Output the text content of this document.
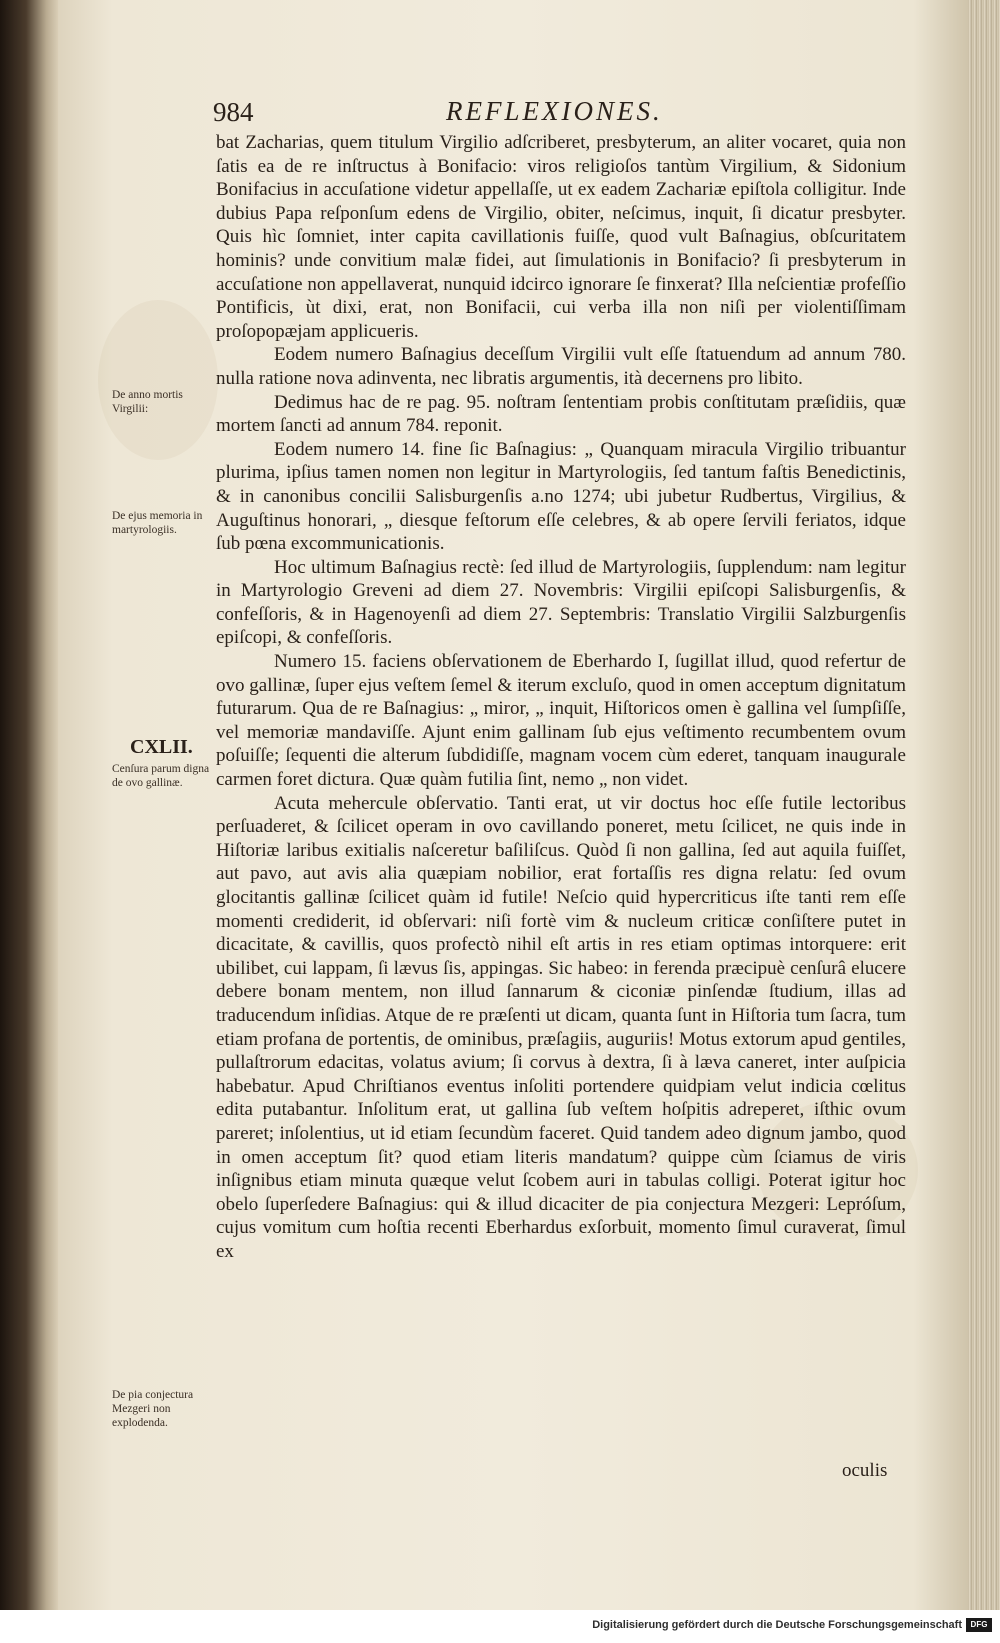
984	REFLEXIONES.

bat Zacharias, quem titulum Virgilio adſcriberet, presbyterum, an aliter vocaret, quia non ſatis ea de re inſtructus à Bonifacio: viros religioſos tantùm Virgilium, & Sidonium Bonifacius in accuſatione videtur appellaſſe, ut ex eadem Zachariæ epiſtola colligitur. Inde dubius Papa reſponſum edens de Virgilio, obiter, neſcimus, inquit, ſi dicatur presbyter. Quis hìc ſomniet, inter capita cavillationis fuiſſe, quod vult Baſnagius, obſcuritatem hominis? unde convitium malæ fidei, aut ſimulationis in Bonifacio? ſi presbyterum in accuſatione non appellaverat, nunquid idcirco ignorare ſe finxerat? Illa neſcientiæ profeſſio Pontificis, ùt dixi, erat, non Bonifacii, cui verba illa non niſi per violentiſſimam proſopopæjam applicueris.

Eodem numero Baſnagius deceſſum Virgilii vult eſſe ſtatuendum ad annum 780. nulla ratione nova adinventa, nec libratis argumentis, ità decernens pro libito.

Dedimus hac de re pag. 95. noſtram ſententiam probis conſtitutam præſidiis, quæ mortem ſancti ad annum 784. reponit.

Eodem numero 14. fine ſic Baſnagius: „ Quanquam miracula Virgilio tribuantur plurima, ipſius tamen nomen non legitur in Martyrologiis, ſed tantum faſtis Benedictinis, & in canonibus concilii Salisburgenſis a.no 1274; ubi jubetur Rudbertus, Virgilius, & Auguſtinus honorari, „ diesque feſtorum eſſe celebres, & ab opere ſervili feriatos, idque ſub pœna excommunicationis.

Hoc ultimum Baſnagius rectè: ſed illud de Martyrologiis, ſupplendum: nam legitur in Martyrologio Greveni ad diem 27. Novembris: Virgilii epiſcopi Salisburgenſis, & confeſſoris, & in Hagenoyenſi ad diem 27. Septembris: Translatio Virgilii Salzburgenſis epiſcopi, & confeſſoris.

Numero 15. faciens obſervationem de Eberhardo I, ſugillat illud, quod refertur de ovo gallinæ, ſuper ejus veſtem ſemel & iterum excluſo, quod in omen acceptum dignitatum futurarum. Qua de re Baſnagius: „ miror, „ inquit, Hiſtoricos omen è gallina vel ſumpſiſſe, vel memoriæ mandaviſſe. Ajunt enim gallinam ſub ejus veſtimento recumbentem ovum poſuiſſe; ſequenti die alterum ſubdidiſſe, magnam vocem cùm ederet, tanquam inaugurale carmen foret dictura. Quæ quàm futilia ſint, nemo „ non videt.

Acuta mehercule obſervatio. Tanti erat, ut vir doctus hoc eſſe futile lectoribus perſuaderet, & ſcilicet operam in ovo cavillando poneret, metu ſcilicet, ne quis inde in Hiſtoriæ laribus exitialis naſceretur baſiliſcus. Quòd ſi non gallina, ſed aut aquila fuiſſet, aut pavo, aut avis alia quæpiam nobilior, erat fortaſſis res digna relatu: ſed ovum glocitantis gallinæ ſcilicet quàm id futile! Neſcio quid hypercriticus iſte tanti rem eſſe momenti crediderit, id obſervari: niſi fortè vim & nucleum criticæ conſiſtere putet in dicacitate, & cavillis, quos profectò nihil eſt artis in res etiam optimas intorquere: erit ubilibet, cui lappam, ſi lævus ſis, appingas. Sic habeo: in ferenda præcipuè cenſurâ elucere debere bonam mentem, non illud ſannarum & ciconiæ pinſendæ ſtudium, illas ad traducendum inſidias. Atque de re præſenti ut dicam, quanta ſunt in Hiſtoria tum ſacra, tum etiam profana de portentis, de ominibus, præſagiis, auguriis! Motus extorum apud gentiles, pullaſtrorum edacitas, volatus avium; ſi corvus à dextra, ſi à læva caneret, inter auſpicia habebatur. Apud Chriſtianos eventus inſoliti portendere quidpiam velut indicia cœlitus edita putabantur. Inſolitum erat, ut gallina ſub veſtem hoſpitis adreperet, iſthic ovum pareret; inſolentius, ut id etiam ſecundùm faceret. Quid tandem adeo dignum jambo, quod in omen acceptum ſit? quod etiam literis mandatum? quippe cùm ſciamus de viris inſignibus etiam minuta quæque velut ſcobem auri in tabulas colligi. Poterat igitur hoc obelo ſuperſedere Baſnagius: qui & illud dicaciter de pia conjectura Mezgeri: Lepróſum, cujus vomitum cum hoſtia recenti Eberhardus exſorbuit, momento ſimul curaverat, ſimul ex

De anno mortis Virgilii:
De ejus memoria in martyrologiis.
CXLII.
Cenſura parum digna de ovo gallinæ.
De pia conjectura Mezgeri non explodenda.
oculis
Digitalisierung gefördert durch die Deutsche Forschungsgemeinschaft	DFG
